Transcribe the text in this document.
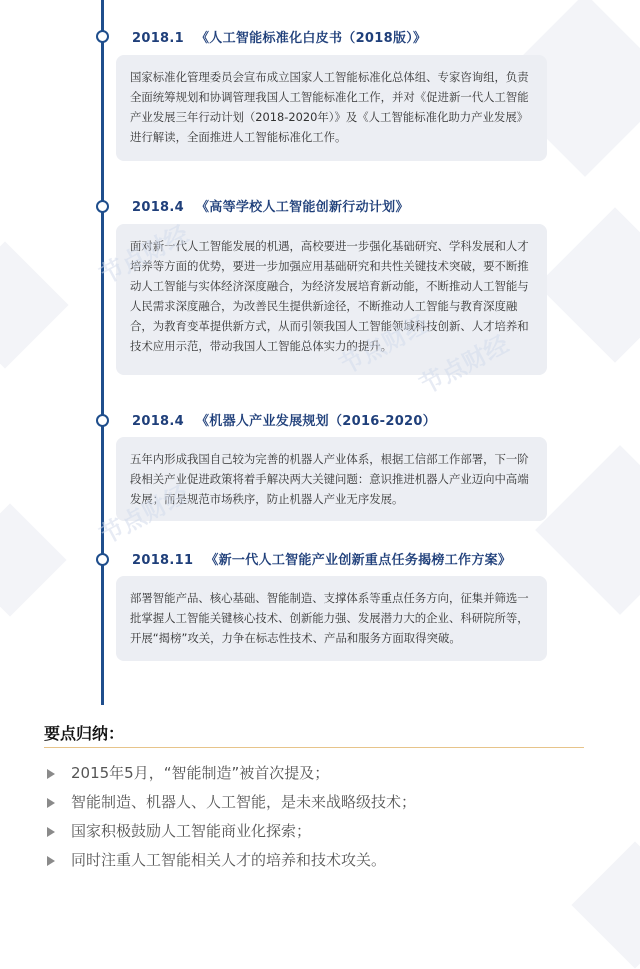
2018.1 《人工智能标准化白皮书（2018版）》
国家标准化管理委员会宣布成立国家人工智能标准化总体组、专家咨询组，负责全面统筹规划和协调管理我国人工智能标准化工作，并对《促进新一代人工智能产业发展三年行动计划（2018-2020年）》及《人工智能标准化助力产业发展》进行解读，全面推进人工智能标准化工作。
2018.4 《高等学校人工智能创新行动计划》
面对新一代人工智能发展的机遇，高校要进一步强化基础研究、学科发展和人才培养等方面的优势，要进一步加强应用基础研究和共性关键技术突破，要不断推动人工智能与实体经济深度融合，为经济发展培育新动能，不断推动人工智能与人民需求深度融合，为改善民生提供新途径，不断推动人工智能与教育深度融合，为教育变革提供新方式，从而引领我国人工智能领域科技创新、人才培养和技术应用示范，带动我国人工智能总体实力的提升。
2018.4 《机器人产业发展规划（2016-2020）
五年内形成我国自己较为完善的机器人产业体系，根据工信部工作部署，下一阶段相关产业促进政策将着手解决两大关键问题：意识推进机器人产业迈向中高端发展；而是规范市场秩序，防止机器人产业无序发展。
2018.11 《新一代人工智能产业创新重点任务揭榜工作方案》
部署智能产品、核心基础、智能制造、支撑体系等重点任务方向，征集并筛选一批掌握人工智能关键核心技术、创新能力强、发展潜力大的企业、科研院所等，开展“揭榜”攻关，力争在标志性技术、产品和服务方面取得突破。
节点财经
节点财经
节点财经
节点财经
要点归纳：
2015年5月，“智能制造”被首次提及；
智能制造、机器人、人工智能，是未来战略级技术；
国家积极鼓励人工智能商业化探索；
同时注重人工智能相关人才的培养和技术攻关。
